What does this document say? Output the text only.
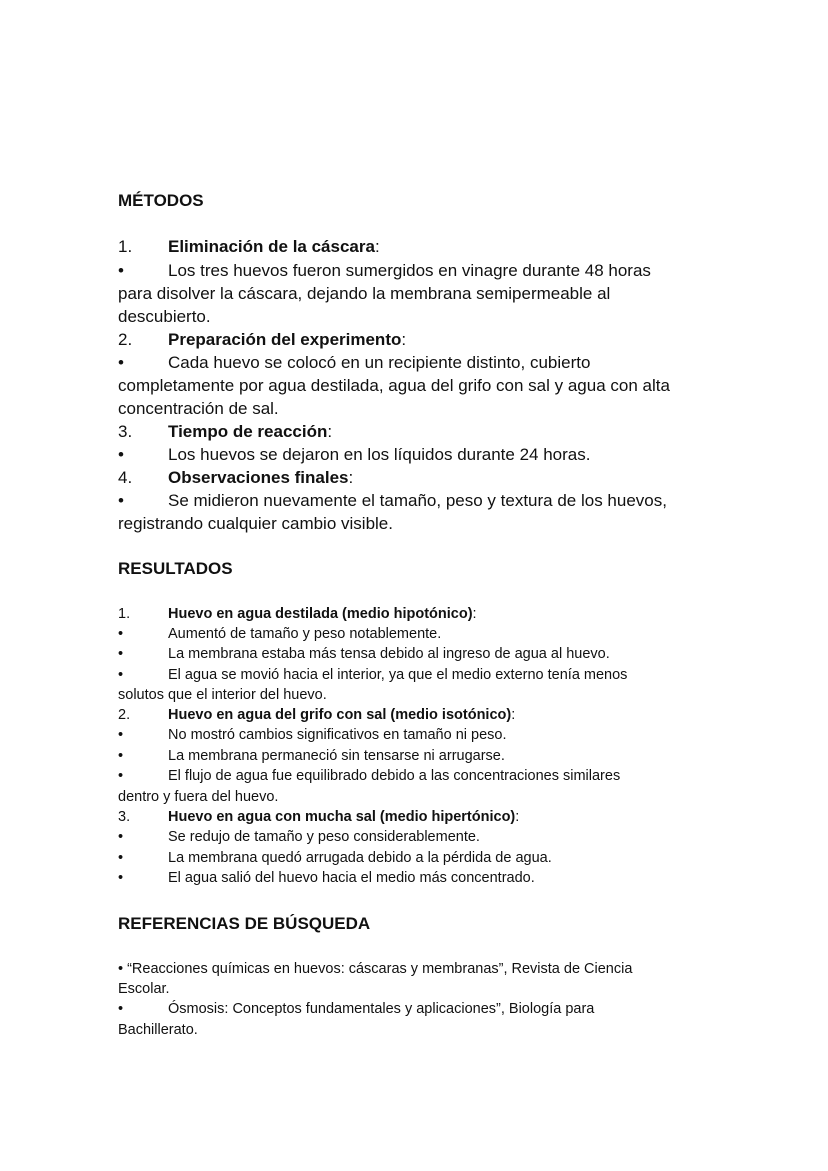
MÉTODOS
1. Eliminación de la cáscara:
•	Los tres huevos fueron sumergidos en vinagre durante 48 horas
para disolver la cáscara, dejando la membrana semipermeable al
descubierto.
2. Preparación del experimento:
•	Cada huevo se colocó en un recipiente distinto, cubierto
completamente por agua destilada, agua del grifo con sal y agua con alta
concentración de sal.
3. Tiempo de reacción:
•	Los huevos se dejaron en los líquidos durante 24 horas.
4. Observaciones finales:
•	Se midieron nuevamente el tamaño, peso y textura de los huevos,
registrando cualquier cambio visible.
RESULTADOS
1.	Huevo en agua destilada (medio hipotónico):
•	Aumentó de tamaño y peso notablemente.
•	La membrana estaba más tensa debido al ingreso de agua al huevo.
•	El agua se movió hacia el interior, ya que el medio externo tenía menos
solutos que el interior del huevo.
2.	Huevo en agua del grifo con sal (medio isotónico):
•	No mostró cambios significativos en tamaño ni peso.
•	La membrana permaneció sin tensarse ni arrugarse.
•	El flujo de agua fue equilibrado debido a las concentraciones similares
dentro y fuera del huevo.
3.	Huevo en agua con mucha sal (medio hipertónico):
•	Se redujo de tamaño y peso considerablemente.
•	La membrana quedó arrugada debido a la pérdida de agua.
•	El agua salió del huevo hacia el medio más concentrado.
REFERENCIAS DE BÚSQUEDA
• “Reacciones químicas en huevos: cáscaras y membranas”, Revista de Ciencia
Escolar.
•	Ósmosis: Conceptos fundamentales y aplicaciones”, Biología para
Bachillerato.
